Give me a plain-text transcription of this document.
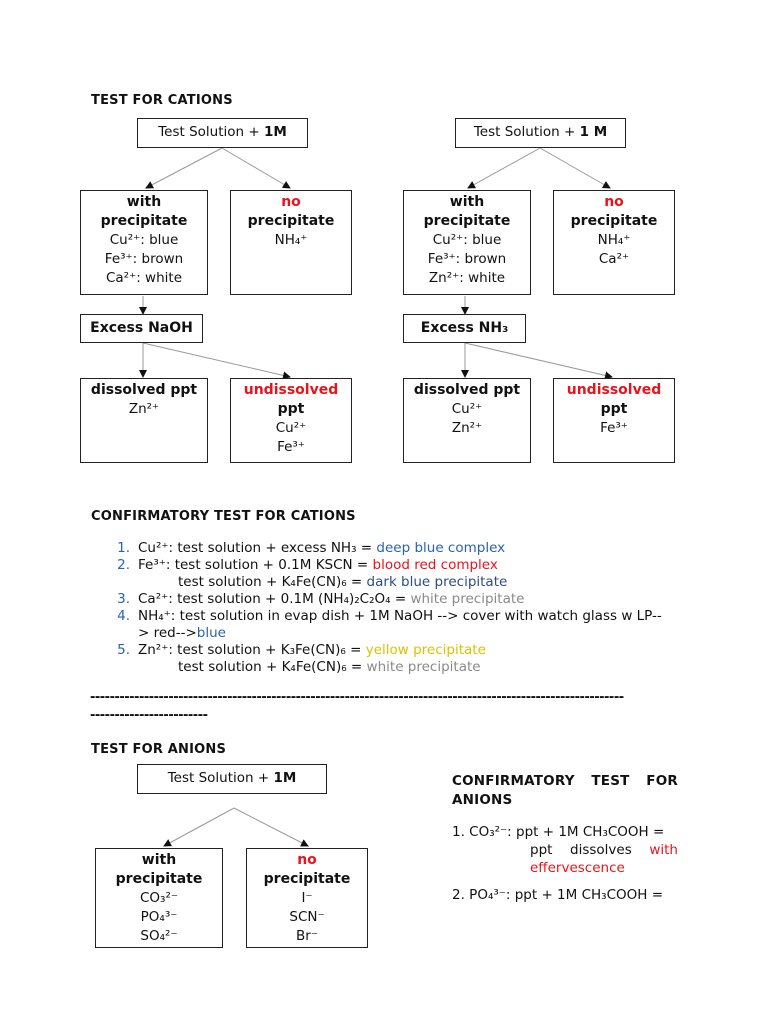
TEST FOR CATIONS
Test Solution + 1M
with precipitate
Cu²⁺: blue
Fe³⁺: brown
Ca²⁺: white
no
precipitate
NH₄⁺
Excess NaOH
dissolved ppt
Zn²⁺
undissolved
ppt
Cu²⁺
Fe³⁺
Test Solution + 1 M
with precipitate
Cu²⁺: blue
Fe³⁺: brown
Zn²⁺: white
no
precipitate
NH₄⁺
Ca²⁺
Excess NH₃
dissolved ppt
Cu²⁺
Zn²⁺
undissolved
ppt
Fe³⁺
CONFIRMATORY TEST FOR CATIONS
1. Cu²⁺: test solution + excess NH₃ = deep blue complex
2. Fe³⁺: test solution + 0.1M KSCN = blood red complex
test solution + K₄Fe(CN)₆ = dark blue precipitate
3. Ca²⁺: test solution + 0.1M (NH₄)₂C₂O₄ = white precipitate
4. NH₄⁺: test solution in evap dish + 1M NaOH --> cover with watch glass w LP--
> red-->blue
5. Zn²⁺: test solution + K₃Fe(CN)₆ = yellow precipitate
test solution + K₄Fe(CN)₆ = white precipitate
-------------------------------------------------------------------------------------------------------------
------------------------
TEST FOR ANIONS
Test Solution + 1M
with precipitate
CO₃²⁻
PO₄³⁻
SO₄²⁻
no
precipitate
I⁻
SCN⁻
Br⁻
CONFIRMATORY TEST FOR ANIONS
1. CO₃²⁻: ppt + 1M CH₃COOH =
ppt dissolves with effervescence
2. PO₄³⁻: ppt + 1M CH₃COOH =
